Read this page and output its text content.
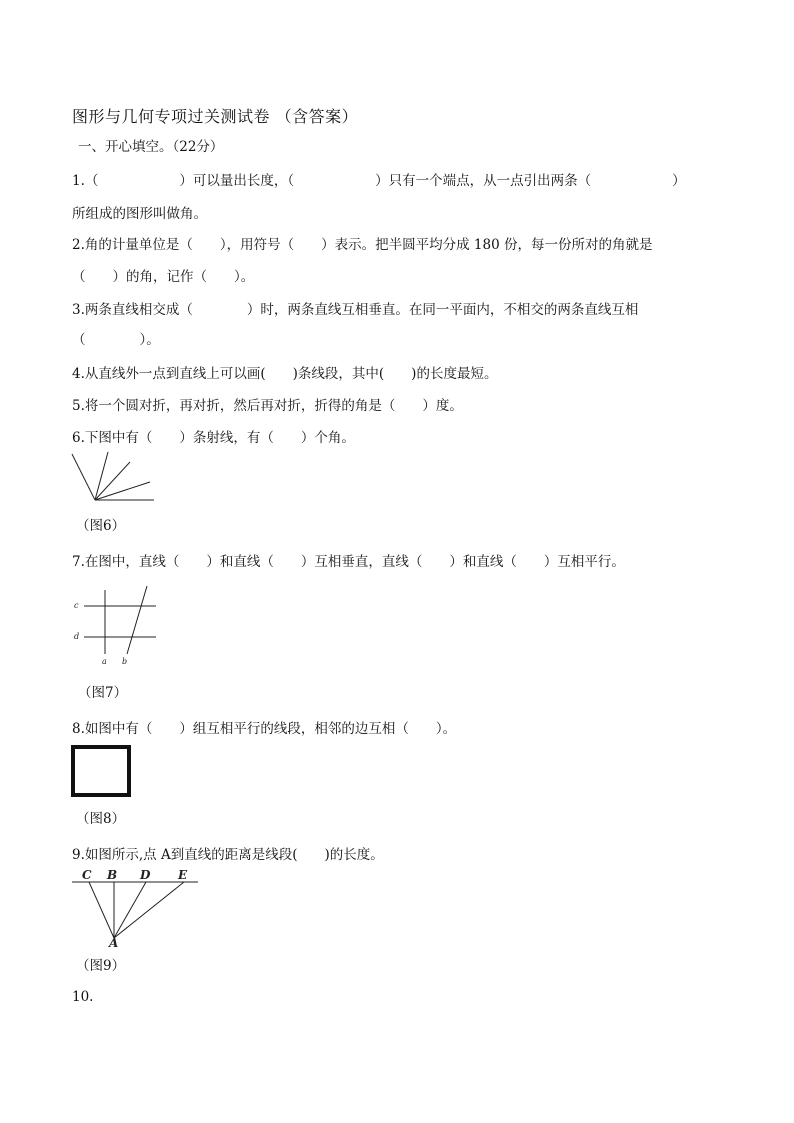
图形与几何专项过关测试卷 （含答案）
一、开心填空。（22分）
1.（　　　　　　）可以量出长度，（　　　　　　）只有一个端点，从一点引出两条（　　　　　　）
所组成的图形叫做角。
2.角的计量单位是（　　），用符号（　　）表示。把半圆平均分成 180 份，每一份所对的角就是
（　　）的角，记作（　　）。
3.两条直线相交成（　　　　）时，两条直线互相垂直。在同一平面内，不相交的两条直线互相
（　　　　）。
4.从直线外一点到直线上可以画(　　)条线段，其中(　　)的长度最短。
5.将一个圆对折，再对折，然后再对折，折得的角是（　　）度。
6.下图中有（　　）条射线，有（　　）个角。
（图6）
7.在图中，直线（　　）和直线（　　）互相垂直，直线（　　）和直线（　　）互相平行。
c
d
a b
（图7）
8.如图中有（　　）组互相平行的线段，相邻的边互相（　　）。
（图8）
9.如图所示,点 A到直线的距离是线段(　　)的长度。
C B D E
A
（图9）
10.
